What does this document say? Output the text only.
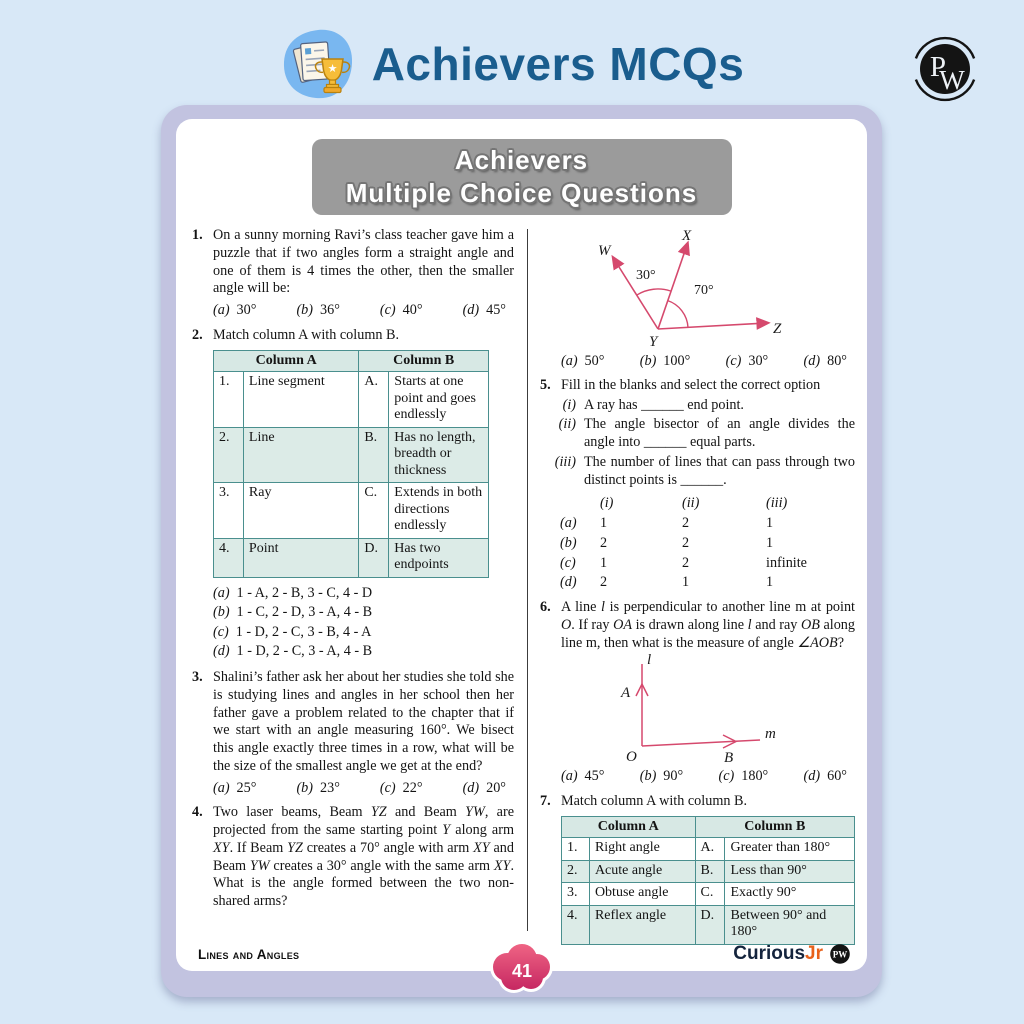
★ Achievers MCQs	P
W
Achievers
Multiple Choice Questions
1. On a sunny morning Ravi’s class teacher gave him a puzzle that if two angles form a straight angle and one of them is 4 times the other, then the smaller angle will be:
(a) 30°	(b) 36°	(c) 40°	(d) 45°
2. Match column A with column B.
Column A		Column B	
1.	Line segment	A.	Starts at one point and goes endlessly
2.	Line	B.	Has no length, breadth or thickness
3.	Ray	C.	Extends in both directions endlessly
4.	Point	D.	Has two endpoints
(a) 1 - A, 2 - B, 3 - C, 4 - D
(b) 1 - C, 2 - D, 3 - A, 4 - B
(c) 1 - D, 2 - C, 3 - B, 4 - A
(d) 1 - D, 2 - C, 3 - A, 4 - B
3. Shalini’s father ask her about her studies she told she is studying lines and angles in her school then her father gave a problem related to the chapter that if we start with an angle measuring 160°. We bisect this angle exactly three times in a row, what will be the size of the smallest angle we get at the end?
(a) 25°	(b) 23°	(c) 22°	(d) 20°
4. Two laser beams, Beam YZ and Beam YW, are projected from the same starting point Y along arm XY. If Beam YZ creates a 70° angle with arm XY and Beam YW creates a 30° angle with the same arm XY. What is the angle formed between the two non-shared arms?
W
X
Y
Z
30°
70°
(a) 50° (b) 100° (c) 30° (d) 80°
5. Fill in the blanks and select the correct option
(i) A ray has ______ end point.
(ii) The angle bisector of an angle divides the angle into ______ equal parts.
(iii) The number of lines that can pass through two distinct points is ______.
(i)	(ii)	(iii)
(a)	1	2	1
(b)	2	2	1
(c)	1	2	infinite
(d)	2	1	1
6. A line l is perpendicular to another line m at point O. If ray OA is drawn along line l and ray OB along line m, then what is the measure of angle ∠AOB?
l
A
O	B
m
(a) 45° (b) 90° (c) 180° (d) 60°
7. Match column A with column B.
Column A		Column B	
1.	Right angle	A.	Greater than 180°
2.	Acute angle	B.	Less than 90°
3.	Obtuse angle	C.	Exactly 90°
4.	Reflex angle	D.	Between 90° and 180°
Lines and Angles	CuriousJr PW
41
